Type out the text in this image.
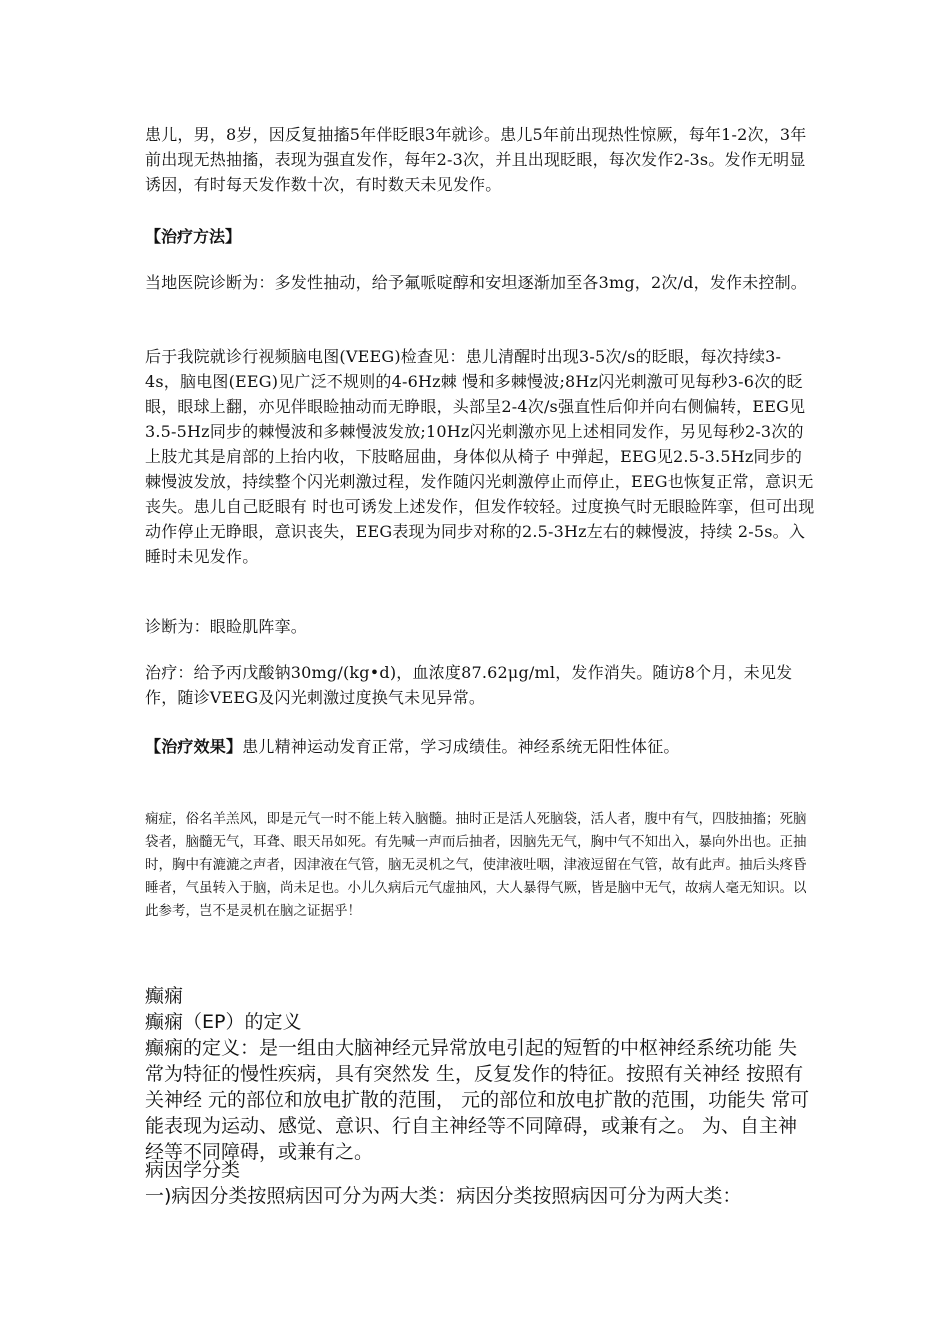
患儿，男，8岁，因反复抽搐5年伴眨眼3年就诊。患儿5年前出现热性惊厥，每年1-2次，3年前出现无热抽搐，表现为强直发作，每年2-3次，并且出现眨眼，每次发作2-3s。发作无明显诱因，有时每天发作数十次，有时数天未见发作。

【治疗方法】

当地医院诊断为：多发性抽动，给予氟哌啶醇和安坦逐渐加至各3mg，2次/d，发作未控制。

后于我院就诊行视频脑电图(VEEG)检查见：患儿清醒时出现3-5次/s的眨眼，每次持续3-4s，脑电图(EEG)见广泛不规则的4-6Hz棘 慢和多棘慢波;8Hz闪光刺激可见每秒3-6次的眨眼，眼球上翻，亦见伴眼睑抽动而无睁眼，头部呈2-4次/s强直性后仰并向右侧偏转，EEG见 3.5-5Hz同步的棘慢波和多棘慢波发放;10Hz闪光刺激亦见上述相同发作，另见每秒2-3次的上肢尤其是肩部的上抬内收，下肢略屈曲，身体似从椅子 中弹起，EEG见2.5-3.5Hz同步的棘慢波发放，持续整个闪光刺激过程，发作随闪光刺激停止而停止，EEG也恢复正常，意识无丧失。患儿自己眨眼有 时也可诱发上述发作，但发作较轻。过度换气时无眼睑阵挛，但可出现动作停止无睁眼，意识丧失，EEG表现为同步对称的2.5-3Hz左右的棘慢波，持续 2-5s。入睡时未见发作。

诊断为：眼睑肌阵挛。

治疗：给予丙戊酸钠30mg/(kg•d)，血浓度87.62μg/ml，发作消失。随访8个月，未见发作，随诊VEEG及闪光刺激过度换气未见异常。

【治疗效果】患儿精神运动发育正常，学习成绩佳。神经系统无阳性体征。

痫症，俗名羊羔风，即是元气一时不能上转入脑髓。抽时正是活人死脑袋，活人者，腹中有气，四肢抽搐；死脑袋者，脑髓无气，耳聋、眼天吊如死。有先喊一声而后抽者，因脑先无气，胸中气不知出入，暴向外出也。正抽时，胸中有漉漉之声者，因津液在气管，脑无灵机之气，使津液吐咽，津液逗留在气管，故有此声。抽后头疼昏睡者，气虽转入于脑，尚未足也。小儿久病后元气虚抽风，大人暴得气厥，皆是脑中无气，故病人毫无知识。以此参考，岂不是灵机在脑之证据乎！

癫痫

癫痫（EP）的定义

癫痫的定义：是一组由大脑神经元异常放电引起的短暂的中枢神经系统功能 失常为特征的慢性疾病，具有突然发 生，反复发作的特征。按照有关神经 按照有关神经 元的部位和放电扩散的范围， 元的部位和放电扩散的范围，功能失 常可能表现为运动、感觉、意识、行自主神经等不同障碍，或兼有之。 为、自主神经等不同障碍，或兼有之。

病因学分类

一)病因分类按照病因可分为两大类：病因分类按照病因可分为两大类：
